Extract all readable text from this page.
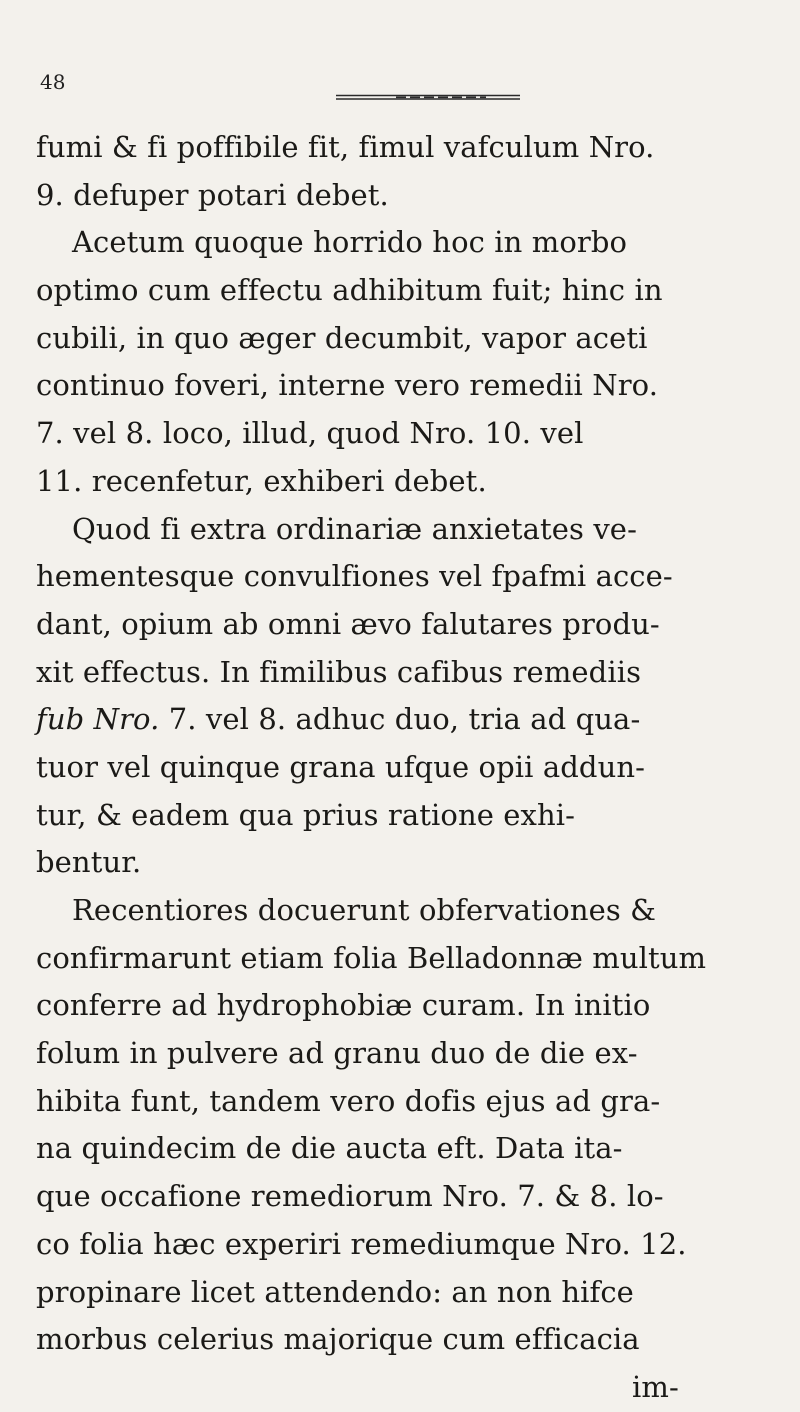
48
fumi & fi poffibile fit, fimul vafculum Nro.
9. defuper potari debet.
Acetum quoque horrido hoc in morbo
optimo cum effectu adhibitum fuit; hinc in
cubili, in quo æger decumbit, vapor aceti
continuo foveri, interne vero remedii Nro.
7. vel 8. loco, illud, quod Nro. 10. vel
11. recenfetur, exhiberi debet.
Quod fi extra ordinariæ anxietates ve-
hementesque convulfiones vel fpafmi acce-
dant, opium ab omni ævo falutares produ-
xit effectus. In fimilibus cafibus remediis
fub Nro. 7. vel 8. adhuc duo, tria ad qua-
tuor vel quinque grana ufque opii addun-
tur, & eadem qua prius ratione exhi-
bentur.
Recentiores docuerunt obfervationes &
confirmarunt etiam folia Belladonnæ multum
conferre ad hydrophobiæ curam. In initio
folum in pulvere ad granu duo de die ex-
hibita funt, tandem vero dofis ejus ad gra-
na quindecim de die aucta eft. Data ita-
que occafione remediorum Nro. 7. & 8. lo-
co folia hæc experiri remediumque Nro. 12.
propinare licet attendendo: an non hifce
morbus celerius majorique cum efficacia
im-
